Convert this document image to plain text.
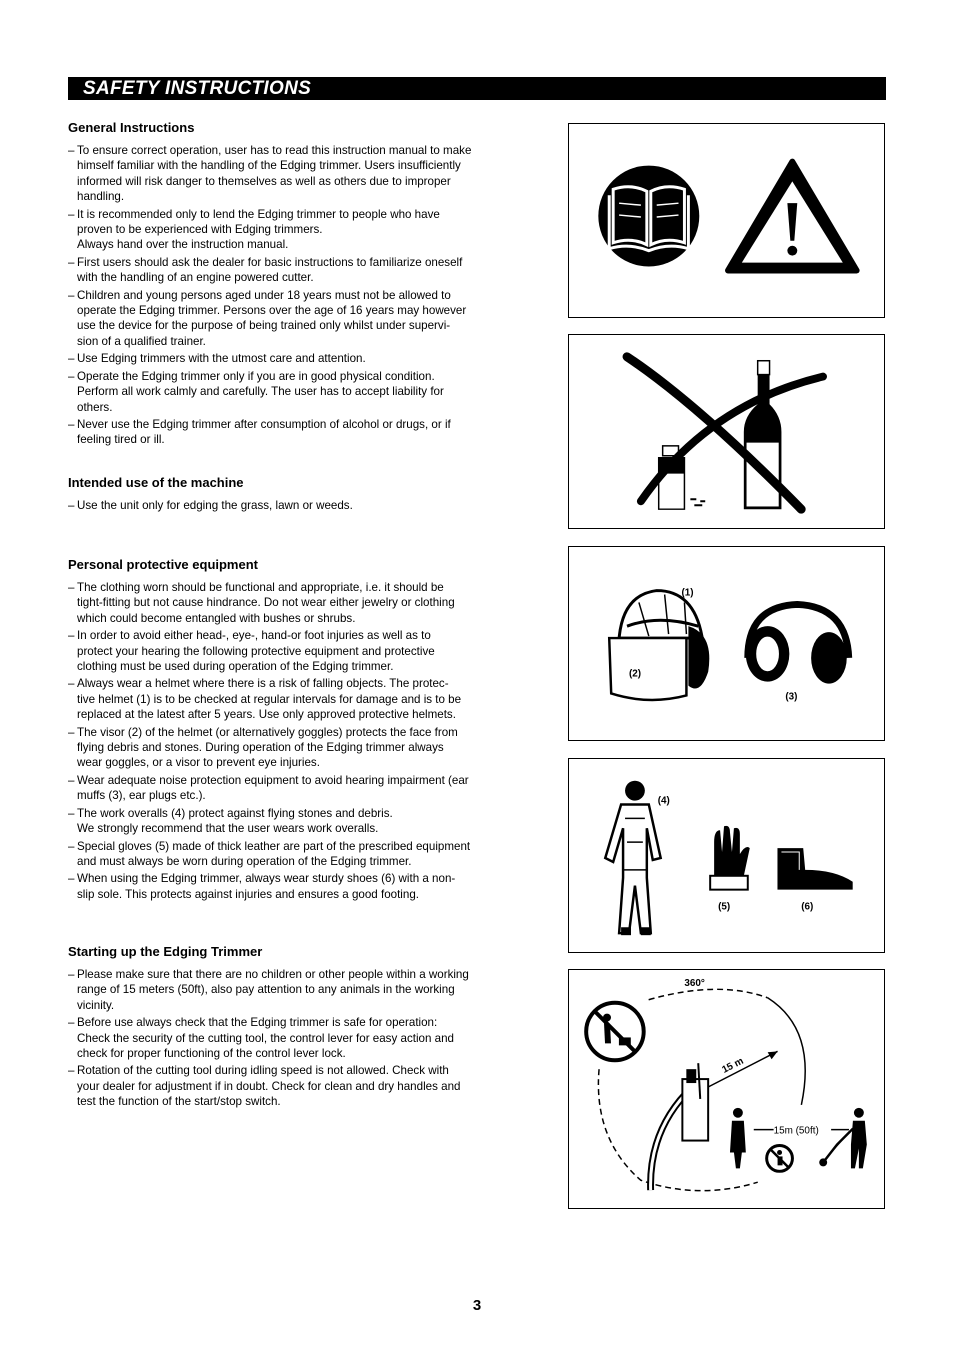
SAFETY INSTRUCTIONS
General Instructions
– To ensure correct operation, user has to read this instruction manual to make
himself familiar with the handling of the Edging trimmer. Users insufficiently
informed will risk danger to themselves as well as others due to improper
handling.
– It is recommended only to lend the Edging trimmer to people who have
proven to be experienced with Edging trimmers.
Always hand over the instruction manual.
– First users should ask the dealer for basic instructions to familiarize oneself
with the handling of an engine powered cutter.
– Children and young persons aged under 18 years must not be allowed to
operate the Edging trimmer. Persons over the age of 16 years may however
use the device for the purpose of being trained only whilst under supervi-
sion of a qualified trainer.
– Use Edging trimmers with the utmost care and attention.
– Operate the Edging trimmer only if you are in good physical condition.
Perform all work calmly and carefully. The user has to accept liability for
others.
– Never use the Edging trimmer after consumption of alcohol or drugs, or if
feeling tired or ill.
Intended use of the machine
– Use the unit only for edging the grass, lawn or weeds.
Personal protective equipment
– The clothing worn should be functional and appropriate, i.e. it should be
tight-fitting but not cause hindrance. Do not wear either jewelry or clothing
which could become entangled with bushes or shrubs.
– In order to avoid either head-, eye-, hand-or foot injuries as well as to
protect your hearing the following protective equipment and protective
clothing must be used during operation of the Edging trimmer.
– Always wear a helmet where there is a risk of falling objects. The protec-
tive helmet (1) is to be checked at regular intervals for damage and is to be
replaced at the latest after 5 years. Use only approved protective helmets.
– The visor (2) of the helmet (or alternatively goggles) protects the face from
flying debris and stones. During operation of the Edging trimmer always
wear goggles, or a visor to prevent eye injuries.
– Wear adequate noise protection equipment to avoid hearing impairment (ear
muffs (3), ear plugs etc.).
– The work overalls (4) protect against flying stones and debris.
We strongly recommend that the user wears work overalls.
– Special gloves (5) made of thick leather are part of the prescribed equipment
and must always be worn during operation of the Edging trimmer.
– When using the Edging trimmer, always wear sturdy shoes (6) with a non-
slip sole. This protects against injuries and ensures a good footing.
Starting up the Edging Trimmer
– Please make sure that there are no children or other people within a working
range of 15 meters (50ft), also pay attention to any animals in the working
vicinity.
– Before use always check that the Edging trimmer is safe for operation:
Check the security of the cutting tool, the control lever for easy action and
check for proper functioning of the control lever lock.
– Rotation of the cutting tool during idling speed is not allowed. Check with
your dealer for adjustment if in doubt. Check for clean and dry handles and
test the function of the start/stop switch.
(1)
(2)
(3)
(4)
(5)	(6)
360°
15 m
15m (50ft)
3
